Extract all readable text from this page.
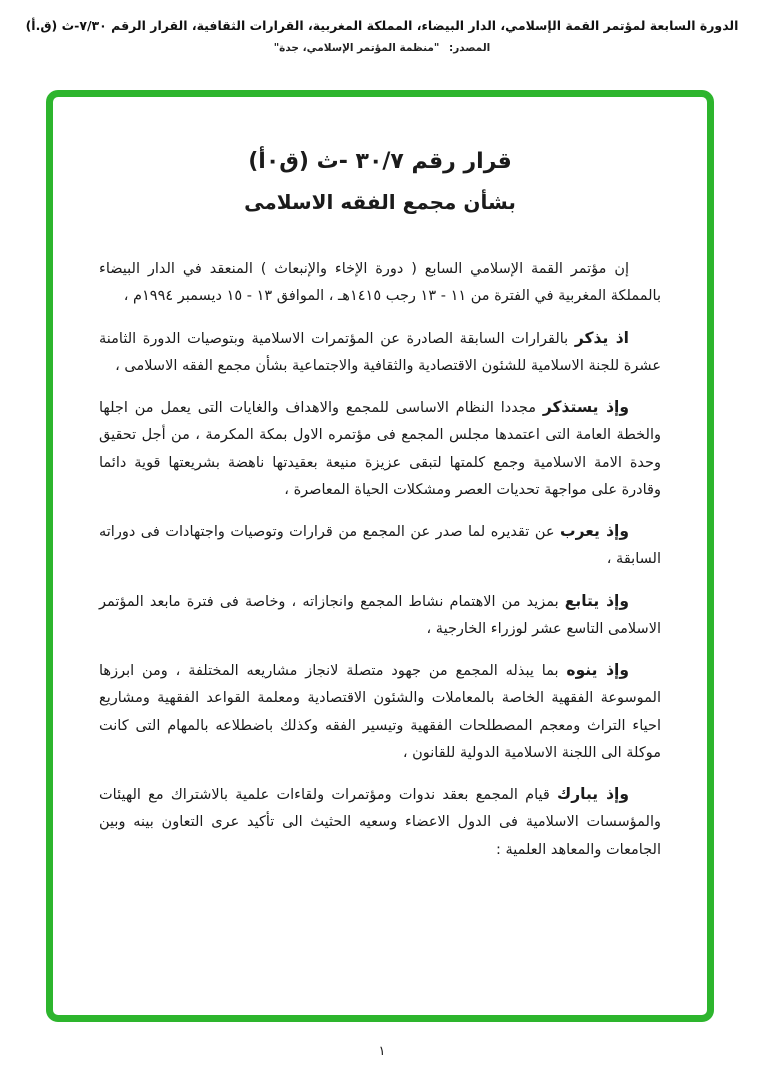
الدورة السابعة لمؤتمر القمة الإسلامي، الدار البيضاء، المملكة المغربية، القرارات الثقافية، القرار الرقم ٧/٣٠-ث (ق.أ)
المصدر: "منظمة المؤتمر الإسلامي، جدة"
قرار رقم ٣٠/٧ -ث (ق٠أ)
بشأن مجمع الفقه الاسلامى

إن مؤتمر القمة الإسلامي السابع ( دورة الإخاء والإنبعاث ) المنعقد في الدار البيضاء بالمملكة المغربية في الفترة من ١١ - ١٣ رجب ١٤١٥هـ ، الموافق ١٣ - ١٥ ديسمبر ١٩٩٤م ،

اذ يذكر بالقرارات السابقة الصادرة عن المؤتمرات الاسلامية وبتوصيات الدورة الثامنة عشرة للجنة الاسلامية للشئون الاقتصادية والثقافية والاجتماعية بشأن مجمع الفقه الاسلامى ،

وإذ يستذكر مجددا النظام الاساسى للمجمع والاهداف والغايات التى يعمل من اجلها والخطة العامة التى اعتمدها مجلس المجمع فى مؤتمره الاول بمكة المكرمة ، من أجل تحقيق وحدة الامة الاسلامية وجمع كلمتها لتبقى عزيزة منيعة بعقيدتها ناهضة بشريعتها قوية دائما وقادرة على مواجهة تحديات العصر ومشكلات الحياة المعاصرة ،

وإذ يعرب عن تقديره لما صدر عن المجمع من قرارات وتوصيات واجتهادات فى دوراته السابقة ،

وإذ يتابع بمزيد من الاهتمام نشاط المجمع وانجازاته ، وخاصة فى فترة مابعد المؤتمر الاسلامى التاسع عشر لوزراء الخارجية ،

وإذ ينوه بما يبذله المجمع من جهود متصلة لانجاز مشاريعه المختلفة ، ومن ابرزها الموسوعة الفقهية الخاصة بالمعاملات والشئون الاقتصادية ومعلمة القواعد الفقهية ومشاريع احياء التراث ومعجم المصطلحات الفقهية وتيسير الفقه وكذلك باضطلاعه بالمهام التى كانت موكلة الى اللجنة الاسلامية الدولية للقانون ،

وإذ يبارك قيام المجمع بعقد ندوات ومؤتمرات ولقاءات علمية بالاشتراك مع الهيئات والمؤسسات الاسلامية فى الدول الاعضاء وسعيه الحثيث الى تأكيد عرى التعاون بينه وبين الجامعات والمعاهد العلمية :

١
